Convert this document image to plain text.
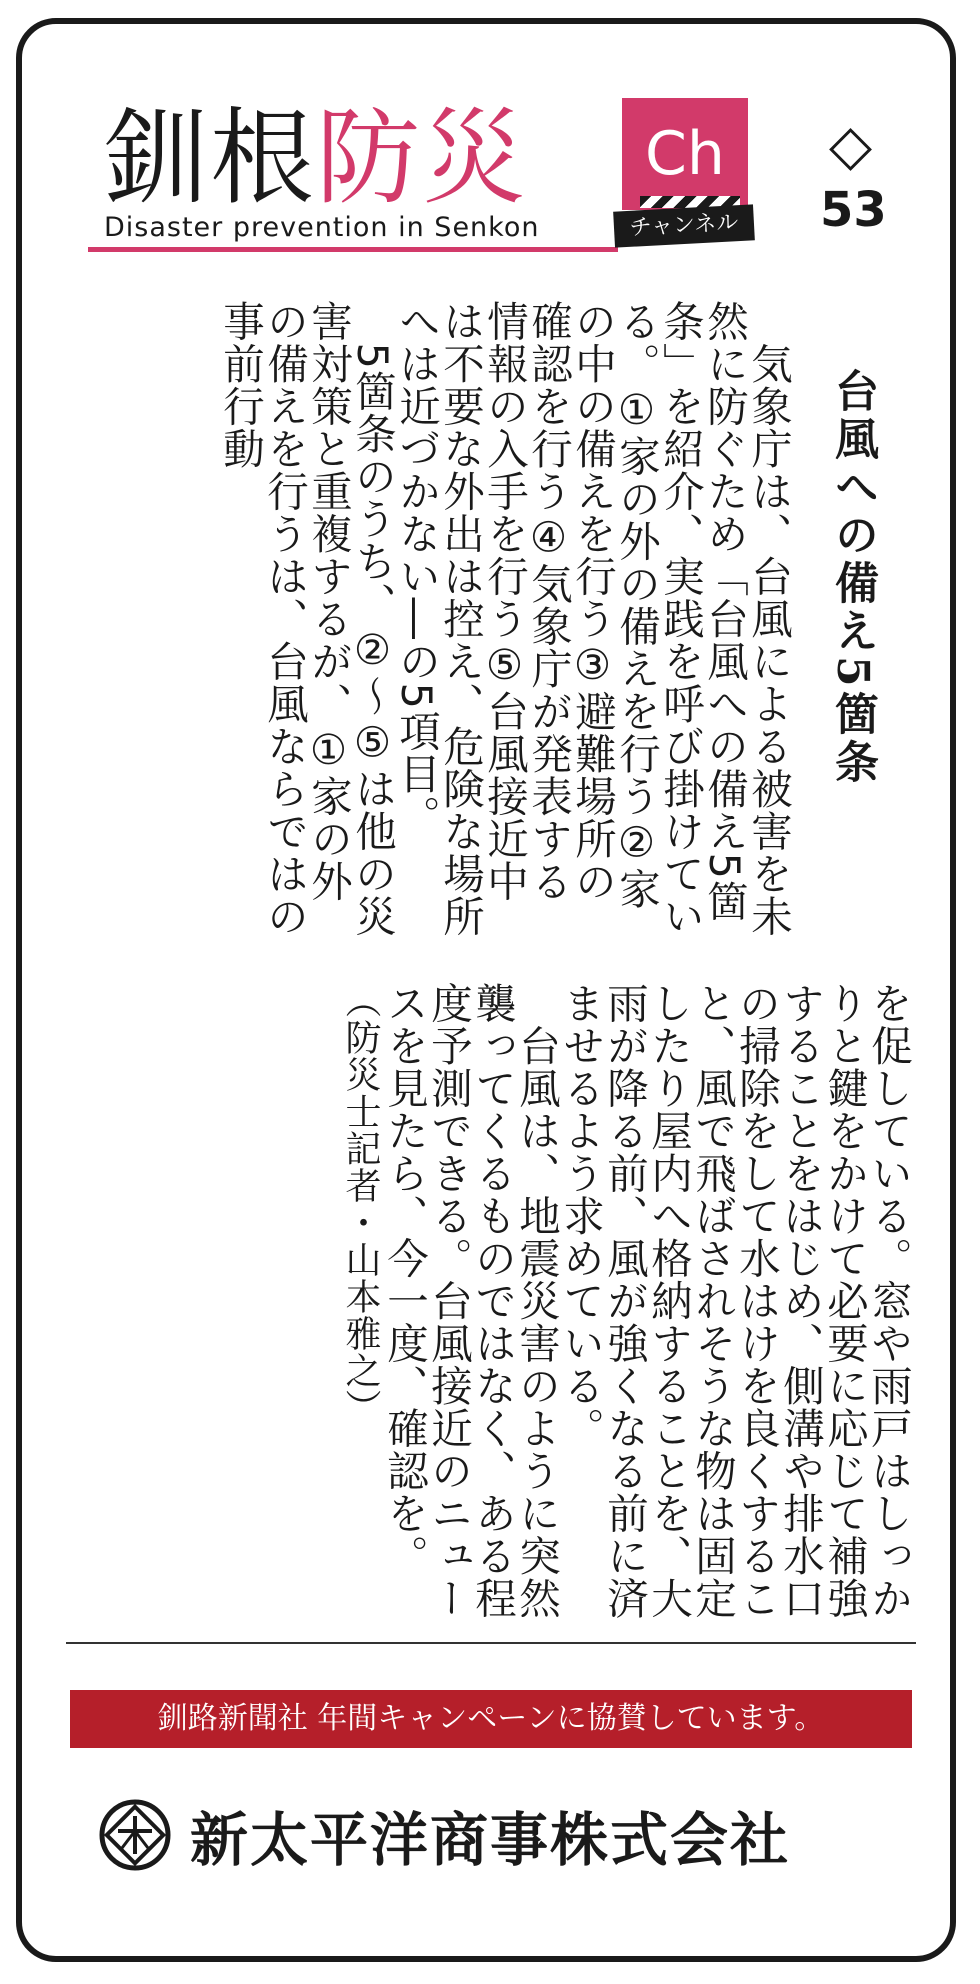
釧根防災
Disaster prevention in Senkon
Ch
チャンネル
◇
53
台風への備え5箇条

　気象庁は、台風による被害を未然に防ぐため「台風への備え5箇条」を紹介、実践を呼び掛けている。①家の外の備えを行う②家の中の備えを行う③避難場所の確認を行う④気象庁が発表する情報の入手を行う⑤台風接近中は不要な外出は控え、危険な場所へは近づかない―の5項目。

　5箇条のうち、②〜⑤は他の災害対策と重複するが、①家の外の備えを行うは、台風ならではの事前行動

を促している。窓や雨戸はしっかりと鍵をかけて必要に応じて補強することをはじめ、側溝や排水口の掃除をして水はけを良くすること、風で飛ばされそうな物は固定したり屋内へ格納することを、大雨が降る前、風が強くなる前に済ませるよう求めている。

　台風は、地震災害のように突然襲ってくるものではなく、ある程度予測できる。台風接近のニュースを見たら、今一度、確認を。

（防災士記者・山本雅之）

釧路新聞社 年間キャンペーンに協賛しています。
新太平洋商事株式会社
